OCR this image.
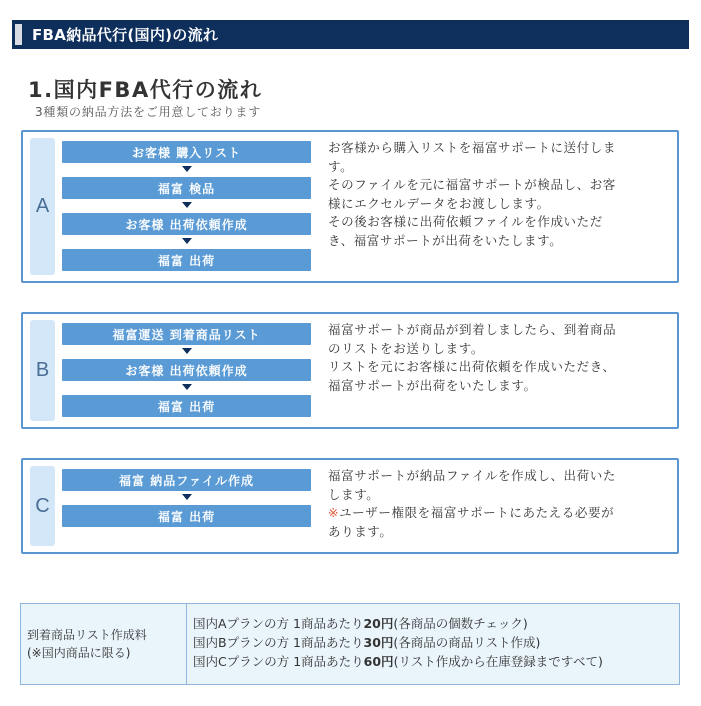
FBA納品代行(国内)の流れ
1.国内FBA代行の流れ
3種類の納品方法をご用意しております
A
お客様 購入リスト
福富 検品
お客様 出荷依頼作成
福富 出荷
お客様から購入リストを福富サポートに送付しま
す。
そのファイルを元に福富サポートが検品し、お客
様にエクセルデータをお渡しします。
その後お客様に出荷依頼ファイルを作成いただ
き、福富サポートが出荷をいたします。
B
福富運送 到着商品リスト
お客様 出荷依頼作成
福富 出荷
福富サポートが商品が到着しましたら、到着商品
のリストをお送りします。
リストを元にお客様に出荷依頼を作成いただき、
福富サポートが出荷をいたします。
C
福富 納品ファイル作成
福富 出荷
福富サポートが納品ファイルを作成し、出荷いた
します。
※ユーザー権限を福富サポートにあたえる必要が
あります。
到着商品リスト作成料
(※国内商品に限る)
国内Aプランの方 1商品あたり20円(各商品の個数チェック)
国内Bプランの方 1商品あたり30円(各商品の商品リスト作成)
国内Cプランの方 1商品あたり60円(リスト作成から在庫登録まですべて)
